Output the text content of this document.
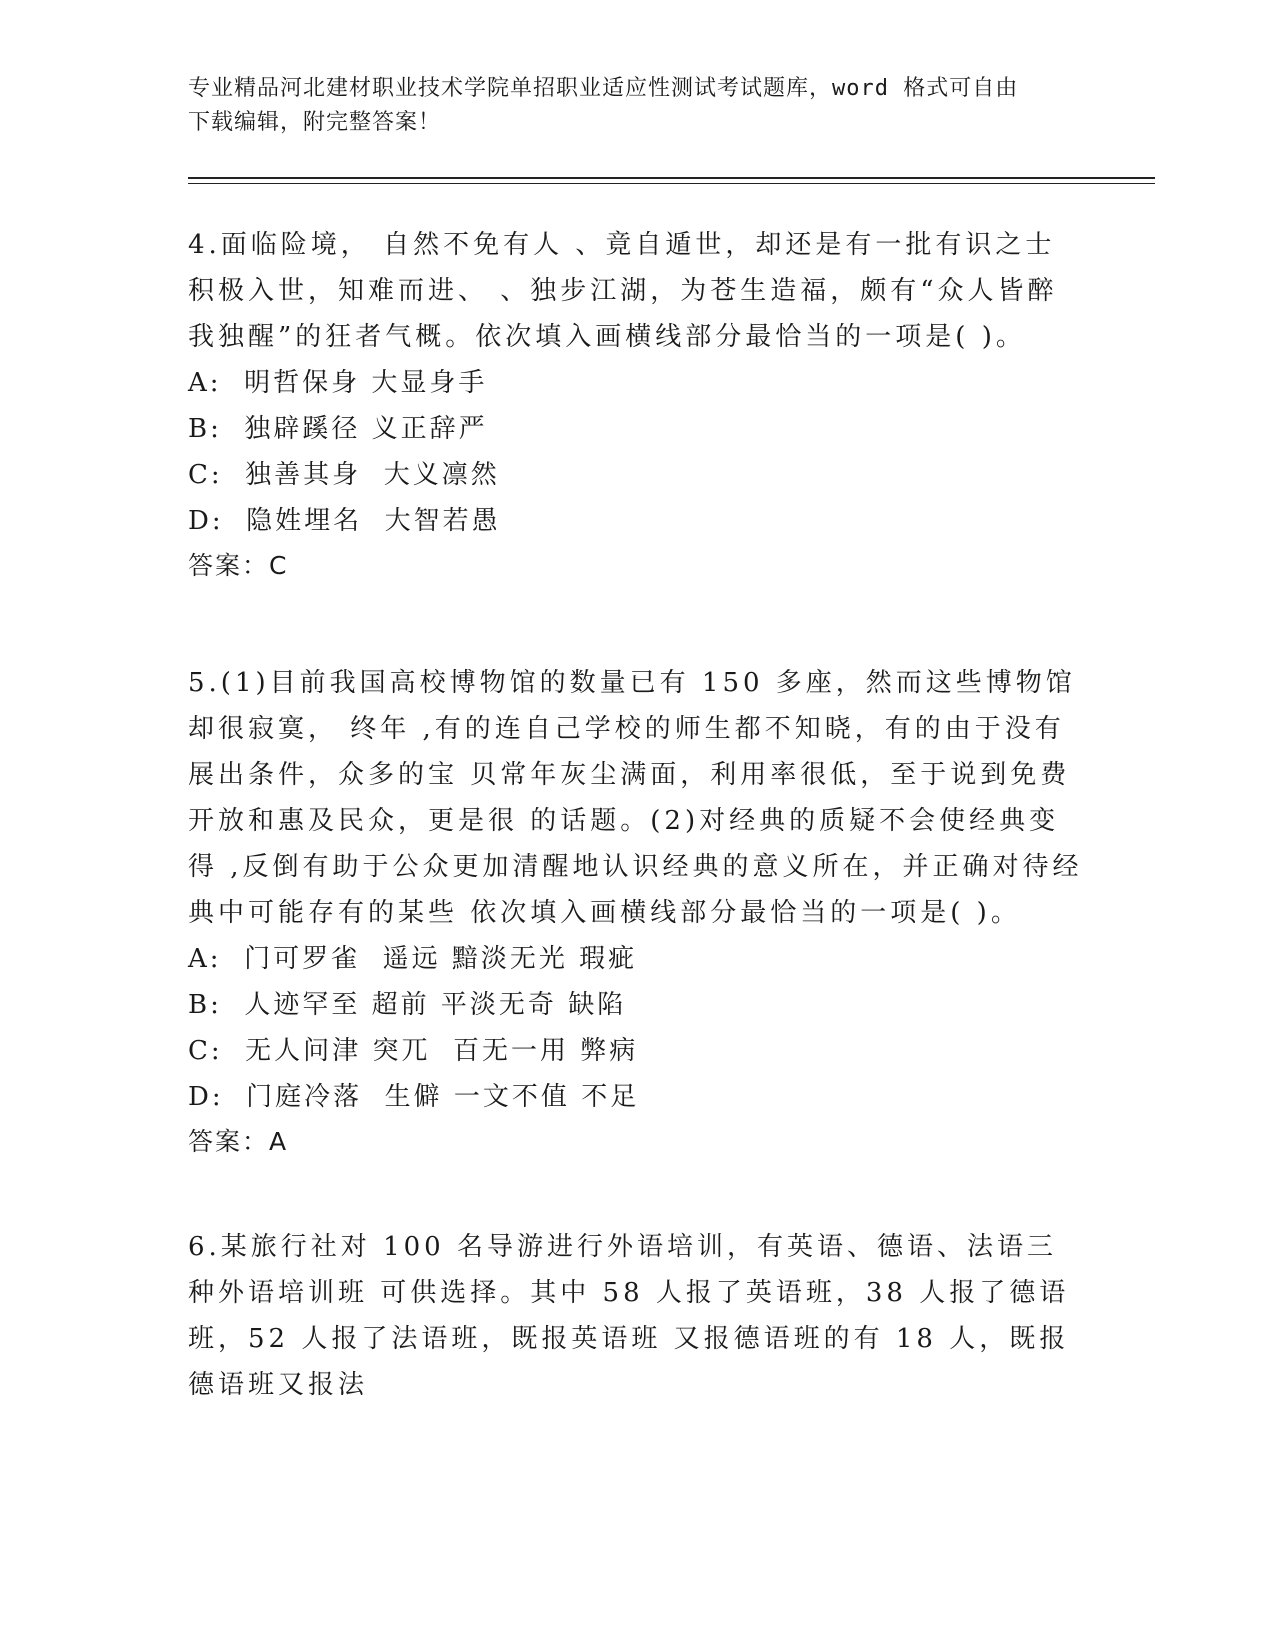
专业精品河北建材职业技术学院单招职业适应性测试考试题库，word 格式可自由
下载编辑，附完整答案！

4.面临险境， 自然不免有人 、竟自遁世，却还是有一批有识之士积极入世，知难而进、 、独步江湖，为苍生造福，颇有“众人皆醉我独醒”的狂者气概。依次填入画横线部分最恰当的一项是( )。

A:  明哲保身 大显身手

B:  独辟蹊径 义正辞严

C:  独善其身  大义凛然

D:  隐姓埋名  大智若愚

答案：C

5.(1)目前我国高校博物馆的数量已有 150 多座，然而这些博物馆却很寂寞， 终年 ,有的连自己学校的师生都不知晓，有的由于没有展出条件，众多的宝 贝常年灰尘满面，利用率很低，至于说到免费开放和惠及民众，更是很 的话题。(2)对经典的质疑不会使经典变得 ,反倒有助于公众更加清醒地认识经典的意义所在，并正确对待经典中可能存有的某些 依次填入画横线部分最恰当的一项是( )。

A:  门可罗雀  遥远 黯淡无光 瑕疵

B:  人迹罕至 超前 平淡无奇 缺陷

C:  无人问津 突兀  百无一用 弊病

D:  门庭冷落  生僻 一文不值 不足

答案：A

6.某旅行社对 100 名导游进行外语培训，有英语、德语、法语三种外语培训班 可供选择。其中 58 人报了英语班，38 人报了德语班，52 人报了法语班，既报英语班 又报德语班的有 18 人，既报德语班又报法
